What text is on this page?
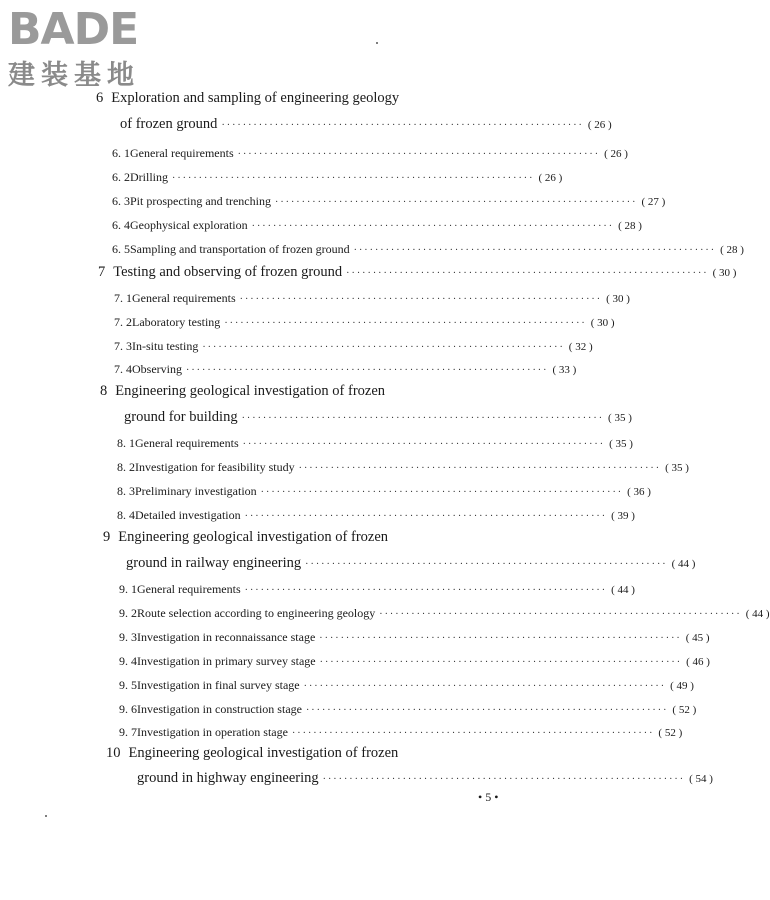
BADE
建装基地
6 Exploration and sampling of engineering geology
of frozen ground ···································································· ( 26 )
6. 1 General requirements ···································································· ( 26 )
6. 2 Drilling ···································································· ( 26 )
6. 3 Pit prospecting and trenching ···································································· ( 27 )
6. 4 Geophysical exploration ···································································· ( 28 )
6. 5 Sampling and transportation of frozen ground ···································································· ( 28 )
7 Testing and observing of frozen ground ···································································· ( 30 )
7. 1 General requirements ···································································· ( 30 )
7. 2 Laboratory testing ···································································· ( 30 )
7. 3 In-situ testing ···································································· ( 32 )
7. 4 Observing ···································································· ( 33 )
8 Engineering geological investigation of frozen
ground for building ···································································· ( 35 )
8. 1 General requirements ···································································· ( 35 )
8. 2 Investigation for feasibility study ···································································· ( 35 )
8. 3 Preliminary investigation ···································································· ( 36 )
8. 4 Detailed investigation ···································································· ( 39 )
9 Engineering geological investigation of frozen
ground in railway engineering ···································································· ( 44 )
9. 1 General requirements ···································································· ( 44 )
9. 2 Route selection according to engineering geology ···································································· ( 44 )
9. 3 Investigation in reconnaissance stage ···································································· ( 45 )
9. 4 Investigation in primary survey stage ···································································· ( 46 )
9. 5 Investigation in final survey stage ···································································· ( 49 )
9. 6 Investigation in construction stage ···································································· ( 52 )
9. 7 Investigation in operation stage ···································································· ( 52 )
10 Engineering geological investigation of frozen
ground in highway engineering ···································································· ( 54 )
• 5 •
